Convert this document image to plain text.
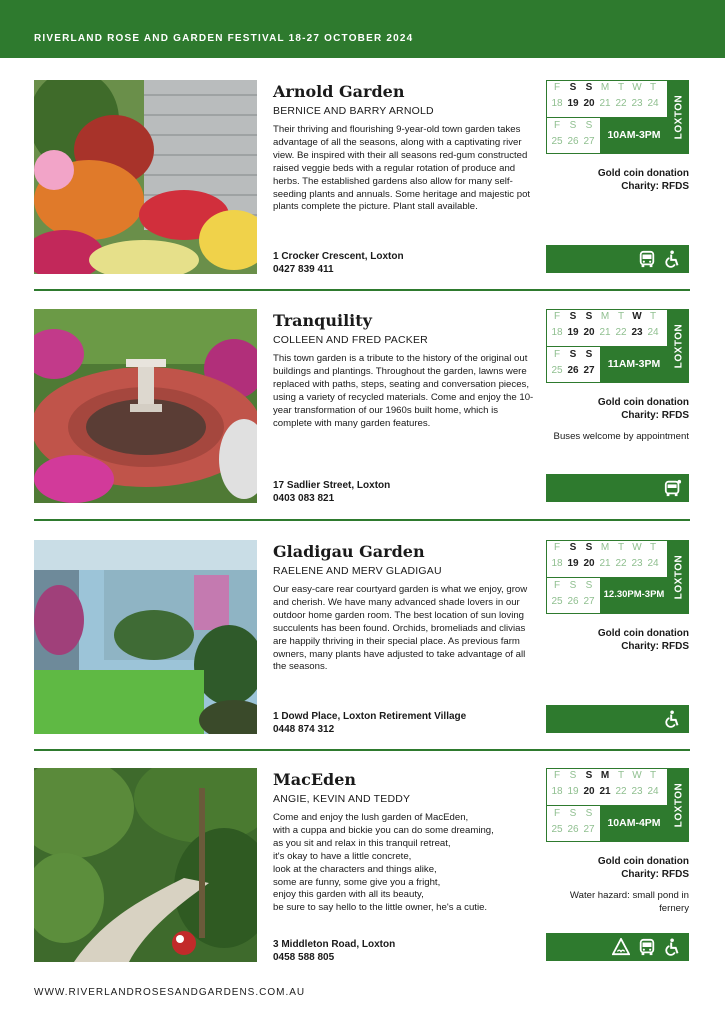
RIVERLAND ROSE AND GARDEN FESTIVAL 18-27 OCTOBER 2024
Arnold Garden
BERNICE AND BARRY ARNOLD
Their thriving and flourishing 9-year-old town garden takes advantage of all the seasons, along with a captivating river view. Be inspired with their all seasons red-gum constructed raised veggie beds with a regular rotation of produce and herbs. The established gardens also allow for many self-seeding plants and annuals. Some heritage and majestic pot plants complete the picture. Plant stall available.
1 Crocker Crescent, Loxton
0427 839 411
F S S M T W T
18 19 20 21 22 23 24
F S S
25 26 27
10AM-3PM	LOXTON
Gold coin donation
Charity: RFDS
Tranquility
COLLEEN AND FRED PACKER
This town garden is a tribute to the history of the original out buildings and plantings. Throughout the garden, lawns were replaced with paths, steps, seating and conversation pieces, using a variety of recycled materials. Come and enjoy the 10-year transformation of our 1960s built home, which is complete with many garden features.
17 Sadlier Street, Loxton
0403 083 821
F S S M T W T
18 19 20 21 22 23 24
F S S
25 26 27
11AM-3PM	LOXTON
Gold coin donation
Charity: RFDS
Buses welcome by appointment
Gladigau Garden
RAELENE AND MERV GLADIGAU
Our easy-care rear courtyard garden is what we enjoy, grow and cherish. We have many advanced shade lovers in our outdoor home garden room. The best location of sun loving succulents has been found. Orchids, bromeliads and clivias are happily thriving in their special place. As previous farm owners, many plants have adjusted to take advantage of all the seasons.
1 Dowd Place, Loxton Retirement Village
0448 874 312
F S S M T W T
18 19 20 21 22 23 24
F S S
25 26 27
12.30PM-3PM LOXTON
Gold coin donation
Charity: RFDS
MacEden
ANGIE, KEVIN AND TEDDY
Come and enjoy the lush garden of MacEden,
with a cuppa and bickie you can do some dreaming,
as you sit and relax in this tranquil retreat,
it's okay to have a little concrete,
look at the characters and things alike,
some are funny, some give you a fright,
enjoy this garden with all its beauty,
be sure to say hello to the little owner, he's a cutie.
3 Middleton Road, Loxton
0458 588 805
F S S M T W T
18 19 20 21 22 23 24
F S S
25 26 27
10AM-4PM	LOXTON
Gold coin donation
Charity: RFDS
Water hazard: small pond in fernery
WWW.RIVERLANDROSESANDGARDENS.COM.AU
